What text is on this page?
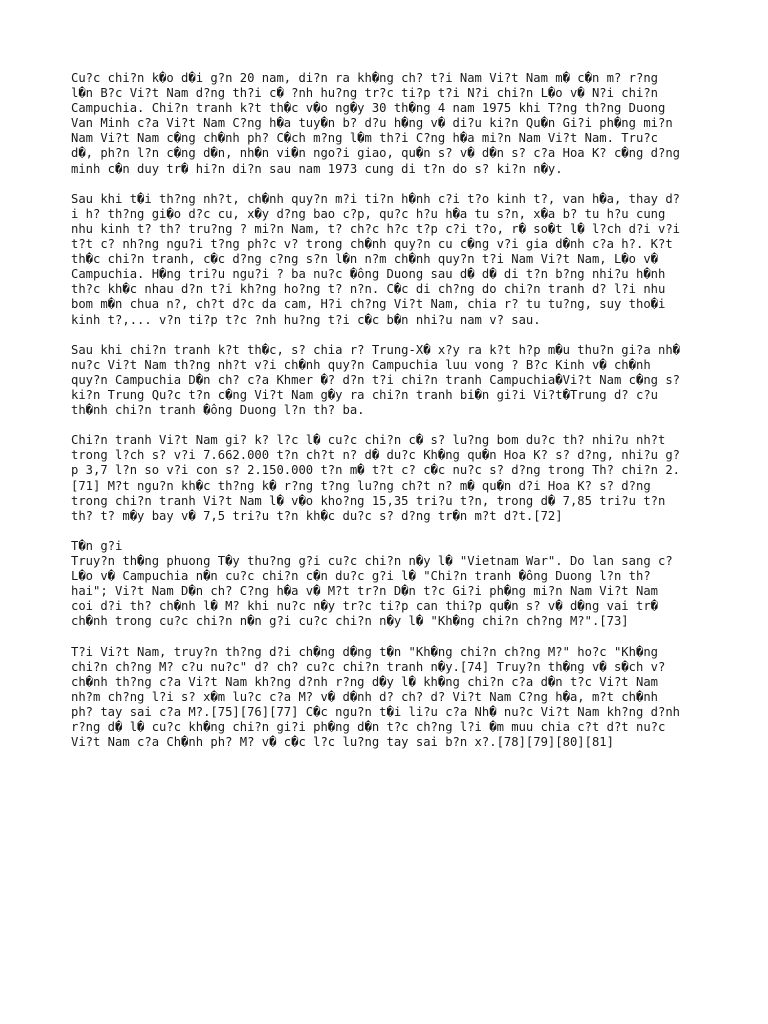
Cu?c chi?n k�o d�i g?n 20 nam, di?n ra kh�ng ch? t?i Nam Vi?t Nam m� c�n m? r?ng
l�n B?c Vi?t Nam d?ng th?i c� ?nh hu?ng tr?c ti?p t?i N?i chi?n L�o v� N?i chi?n
Campuchia. Chi?n tranh k?t th�c v�o ng�y 30 th�ng 4 nam 1975 khi T?ng th?ng Duong
Van Minh c?a Vi?t Nam C?ng h�a tuy�n b? d?u h�ng v� di?u ki?n Qu�n Gi?i ph�ng mi?n
Nam Vi?t Nam c�ng ch�nh ph? C�ch m?ng l�m th?i C?ng h�a mi?n Nam Vi?t Nam. Tru?c
d�, ph?n l?n c�ng d�n, nh�n vi�n ngo?i giao, qu�n s? v� d�n s? c?a Hoa K? c�ng d?ng
minh c�n duy tr� hi?n di?n sau nam 1973 cung di t?n do s? ki?n n�y.
Sau khi t�i th?ng nh?t, ch�nh quy?n m?i ti?n h�nh c?i t?o kinh t?, van h�a, thay d?
i h? th?ng gi�o d?c cu, x�y d?ng bao c?p, qu?c h?u h�a tu s?n, x�a b? tu h?u cung
nhu kinh t? th? tru?ng ? mi?n Nam, t? ch?c h?c t?p c?i t?o, r� so�t l� l?ch d?i v?i
t?t c? nh?ng ngu?i t?ng ph?c v? trong ch�nh quy?n cu c�ng v?i gia d�nh c?a h?. K?t
th�c chi?n tranh, c�c d?ng c?ng s?n l�n n?m ch�nh quy?n t?i Nam Vi?t Nam, L�o v�
Campuchia. H�ng tri?u ngu?i ? ba nu?c �ông Duong sau d� d� di t?n b?ng nhi?u h�nh
th?c kh�c nhau d?n t?i kh?ng ho?ng t? n?n. C�c di ch?ng do chi?n tranh d? l?i nhu
bom m�n chua n?, ch?t d?c da cam, H?i ch?ng Vi?t Nam, chia r? tu tu?ng, suy tho�i
kinh t?,... v?n ti?p t?c ?nh hu?ng t?i c�c b�n nhi?u nam v? sau.
Sau khi chi?n tranh k?t th�c, s? chia r? Trung-X� x?y ra k?t h?p m�u thu?n gi?a nh�
nu?c Vi?t Nam th?ng nh?t v?i ch�nh quy?n Campuchia luu vong ? B?c Kinh v� ch�nh
quy?n Campuchia D�n ch? c?a Khmer �? d?n t?i chi?n tranh Campuchia�Vi?t Nam c�ng s?
ki?n Trung Qu?c t?n c�ng Vi?t Nam g�y ra chi?n tranh bi�n gi?i Vi?t�Trung d? c?u
th�nh chi?n tranh �ông Duong l?n th? ba.
Chi?n tranh Vi?t Nam gi? k? l?c l� cu?c chi?n c� s? lu?ng bom du?c th? nhi?u nh?t
trong l?ch s? v?i 7.662.000 t?n ch?t n? d� du?c Kh�ng qu�n Hoa K? s? d?ng, nhi?u g?
p 3,7 l?n so v?i con s? 2.150.000 t?n m� t?t c? c�c nu?c s? d?ng trong Th? chi?n 2.
[71] M?t ngu?n kh�c th?ng k� r?ng t?ng lu?ng ch?t n? m� qu�n d?i Hoa K? s? d?ng
trong chi?n tranh Vi?t Nam l� v�o kho?ng 15,35 tri?u t?n, trong d� 7,85 tri?u t?n
th? t? m�y bay v� 7,5 tri?u t?n kh�c du?c s? d?ng tr�n m?t d?t.[72]
T�n g?i
Truy?n th�ng phuong T�y thu?ng g?i cu?c chi?n n�y l� "Vietnam War". Do lan sang c?
L�o v� Campuchia n�n cu?c chi?n c�n du?c g?i l� "Chi?n tranh �ông Duong l?n th?
hai"; Vi?t Nam D�n ch? C?ng h�a v� M?t tr?n D�n t?c Gi?i ph�ng mi?n Nam Vi?t Nam
coi d?i th? ch�nh l� M? khi nu?c n�y tr?c ti?p can thi?p qu�n s? v� d�ng vai tr�
ch�nh trong cu?c chi?n n�n g?i cu?c chi?n n�y l� "Kh�ng chi?n ch?ng M?".[73]
T?i Vi?t Nam, truy?n th?ng d?i ch�ng d�ng t�n "Kh�ng chi?n ch?ng M?" ho?c "Kh�ng
chi?n ch?ng M? c?u nu?c" d? ch? cu?c chi?n tranh n�y.[74] Truy?n th�ng v� s�ch v?
ch�nh th?ng c?a Vi?t Nam kh?ng d?nh r?ng d�y l� kh�ng chi?n c?a d�n t?c Vi?t Nam
nh?m ch?ng l?i s? x�m lu?c c?a M? v� d�nh d? ch? d? Vi?t Nam C?ng h�a, m?t ch�nh
ph? tay sai c?a M?.[75][76][77] C�c ngu?n t�i li?u c?a Nh� nu?c Vi?t Nam kh?ng d?nh
r?ng d� l� cu?c kh�ng chi?n gi?i ph�ng d�n t?c ch?ng l?i �m muu chia c?t d?t nu?c
Vi?t Nam c?a Ch�nh ph? M? v� c�c l?c lu?ng tay sai b?n x?.[78][79][80][81]
